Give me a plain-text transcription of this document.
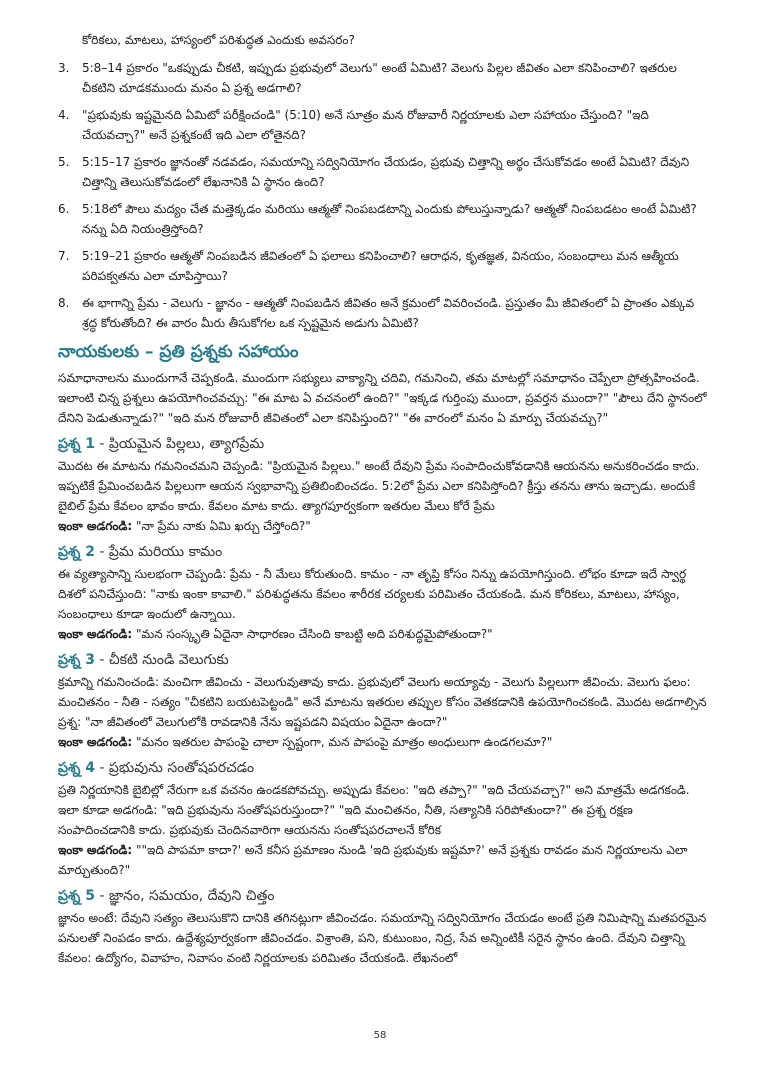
కోరికలు, మాటలు, హాస్యంలో పరిశుద్ధత ఎందుకు అవసరం?

3.	5:8–14 ప్రకారం "ఒకప్పుడు చీకటి, ఇప్పుడు ప్రభువులో వెలుగు" అంటే ఏమిటి? వెలుగు పిల్లల జీవితం ఎలా కనిపించాలి? ఇతరుల చీకటిని చూడకముందు మనం ఏ ప్రశ్న అడగాలి?
4.	"ప్రభువుకు ఇష్టమైనది ఏమిటో పరీక్షించండి" (5:10) అనే సూత్రం మన రోజువారీ నిర్ణయాలకు ఎలా సహాయం చేస్తుంది? "ఇది చేయవచ్చా?" అనే ప్రశ్నకంటే ఇది ఎలా లోతైనది?
5.	5:15–17 ప్రకారం జ్ఞానంతో నడవడం, సమయాన్ని సద్వినియోగం చేయడం, ప్రభువు చిత్తాన్ని అర్థం చేసుకోవడం అంటే ఏమిటి? దేవుని చిత్తాన్ని తెలుసుకోవడంలో లేఖనానికి ఏ స్థానం ఉంది?
6.	5:18లో పౌలు మద్యం చేత మత్తెక్కడం మరియు ఆత్మతో నింపబడటాన్ని ఎందుకు పోలుస్తున్నాడు? ఆత్మతో నింపబడటం అంటే ఏమిటి? నన్ను ఏది నియంత్రిస్తోంది?
7.	5:19–21 ప్రకారం ఆత్మతో నింపబడిన జీవితంలో ఏ ఫలాలు కనిపించాలి? ఆరాధన, కృతజ్ఞత, వినయం, సంబంధాలు మన ఆత్మీయ పరిపక్వతను ఎలా చూపిస్తాయి?
8.	ఈ భాగాన్ని ప్రేమ - వెలుగు - జ్ఞానం - ఆత్మతో నింపబడిన జీవితం అనే క్రమంలో వివరించండి. ప్రస్తుతం మీ జీవితంలో ఏ ప్రాంతం ఎక్కువ శ్రద్ధ కోరుతోంది? ఈ వారం మీరు తీసుకోగల ఒక స్పష్టమైన అడుగు ఏమిటి?
నాయకులకు – ప్రతి ప్రశ్నకు సహాయం

సమాధానాలను ముందుగానే చెప్పకండి. ముందుగా సభ్యులు వాక్యాన్ని చదివి, గమనించి, తమ మాటల్లో సమాధానం చెప్పేలా ప్రోత్సహించండి. ఇలాంటి చిన్న ప్రశ్నలు ఉపయోగించవచ్చు: "ఈ మాట ఏ వచనంలో ఉంది?" "ఇక్కడ గుర్తింపు ముందా, ప్రవర్తన ముందా?" "పౌలు దేని స్థానంలో దేనిని పెడుతున్నాడు?" "ఇది మన రోజువారీ జీవితంలో ఎలా కనిపిస్తుంది?" "ఈ వారంలో మనం ఏ మార్పు చేయవచ్చు?"

ప్రశ్న 1 - ప్రియమైన పిల్లలు, త్యాగప్రేమ

మొదట ఈ మాటను గమనించమని చెప్పండి: "ప్రియమైన పిల్లలు." అంటే దేవుని ప్రేమ సంపాదించుకోవడానికి ఆయనను అనుకరించడం కాదు. ఇప్పటికే ప్రేమించబడిన పిల్లలుగా ఆయన స్వభావాన్ని ప్రతిబింబించడం. 5:2లో ప్రేమ ఎలా కనిపిస్తోంది? క్రీస్తు తనను తాను ఇచ్చాడు. అందుకే బైబిల్ ప్రేమ కేవలం భావం కాదు. కేవలం మాట కాదు. త్యాగపూర్వకంగా ఇతరుల మేలు కోరే ప్రేమ

ఇంకా అడగండి: "నా ప్రేమ నాకు ఏమి ఖర్చు చేస్తోంది?"

ప్రశ్న 2 - ప్రేమ మరియు కామం

ఈ వ్యత్యాసాన్ని సులభంగా చెప్పండి: ప్రేమ - నీ మేలు కోరుతుంది. కామం - నా తృప్తి కోసం నిన్ను ఉపయోగిస్తుంది. లోభం కూడా ఇదే స్వార్థ దిశలో పనిచేస్తుంది: "నాకు ఇంకా కావాలి." పరిశుద్ధతను కేవలం శారీరక చర్యలకు పరిమితం చేయకండి. మన కోరికలు, మాటలు, హాస్యం, సంబంధాలు కూడా ఇందులో ఉన్నాయి.

ఇంకా అడగండి: "మన సంస్కృతి ఏదైనా సాధారణం చేసింది కాబట్టి అది పరిశుద్ధమైపోతుందా?"

ప్రశ్న 3 - చీకటి నుండి వెలుగుకు

క్రమాన్ని గమనించండి: మంచిగా జీవించు - వెలుగువుతావు కాదు. ప్రభువులో వెలుగు అయ్యావు - వెలుగు పిల్లలుగా జీవించు. వెలుగు ఫలం: మంచితనం - నీతి - సత్యం "చీకటిని బయటపెట్టండి" అనే మాటను ఇతరుల తప్పుల కోసం వెతకడానికి ఉపయోగించకండి. మొదట అడగాల్సిన ప్రశ్న: "నా జీవితంలో వెలుగులోకి రావడానికి నేను ఇష్టపడని విషయం ఏదైనా ఉందా?"

ఇంకా అడగండి: "మనం ఇతరుల పాపంపై చాలా స్పష్టంగా, మన పాపంపై మాత్రం అంధులుగా ఉండగలమా?"

ప్రశ్న 4 - ప్రభువును సంతోషపరచడం

ప్రతి నిర్ణయానికి బైబిల్లో నేరుగా ఒక వచనం ఉండకపోవచ్చు. అప్పుడు కేవలం: "ఇది తప్పా?" "ఇది చేయవచ్చా?" అని మాత్రమే అడగకండి. ఇలా కూడా అడగండి: "ఇది ప్రభువును సంతోషపరుస్తుందా?" "ఇది మంచితనం, నీతి, సత్యానికి సరిపోతుందా?" ఈ ప్రశ్న రక్షణ సంపాదించడానికి కాదు. ప్రభువుకు చెందినవారిగా ఆయనను సంతోషపరచాలనే కోరిక

ఇంకా అడగండి: ""ఇది పాపమా కాదా?' అనే కనీస ప్రమాణం నుండి 'ఇది ప్రభువుకు ఇష్టమా?' అనే ప్రశ్నకు రావడం మన నిర్ణయాలను ఎలా మార్చుతుంది?"

ప్రశ్న 5 - జ్ఞానం, సమయం, దేవుని చిత్తం

జ్ఞానం అంటే: దేవుని సత్యం తెలుసుకొని దానికి తగినట్లుగా జీవించడం. సమయాన్ని సద్వినియోగం చేయడం అంటే ప్రతి నిమిషాన్ని మతపరమైన పనులతో నింపడం కాదు. ఉద్దేశ్యపూర్వకంగా జీవించడం. విశ్రాంతి, పని, కుటుంబం, నిద్ర, సేవ అన్నింటికీ సరైన స్థానం ఉంది. దేవుని చిత్తాన్ని కేవలం: ఉద్యోగం, వివాహం, నివాసం వంటి నిర్ణయాలకు పరిమితం చేయకండి. లేఖనంలో

58
